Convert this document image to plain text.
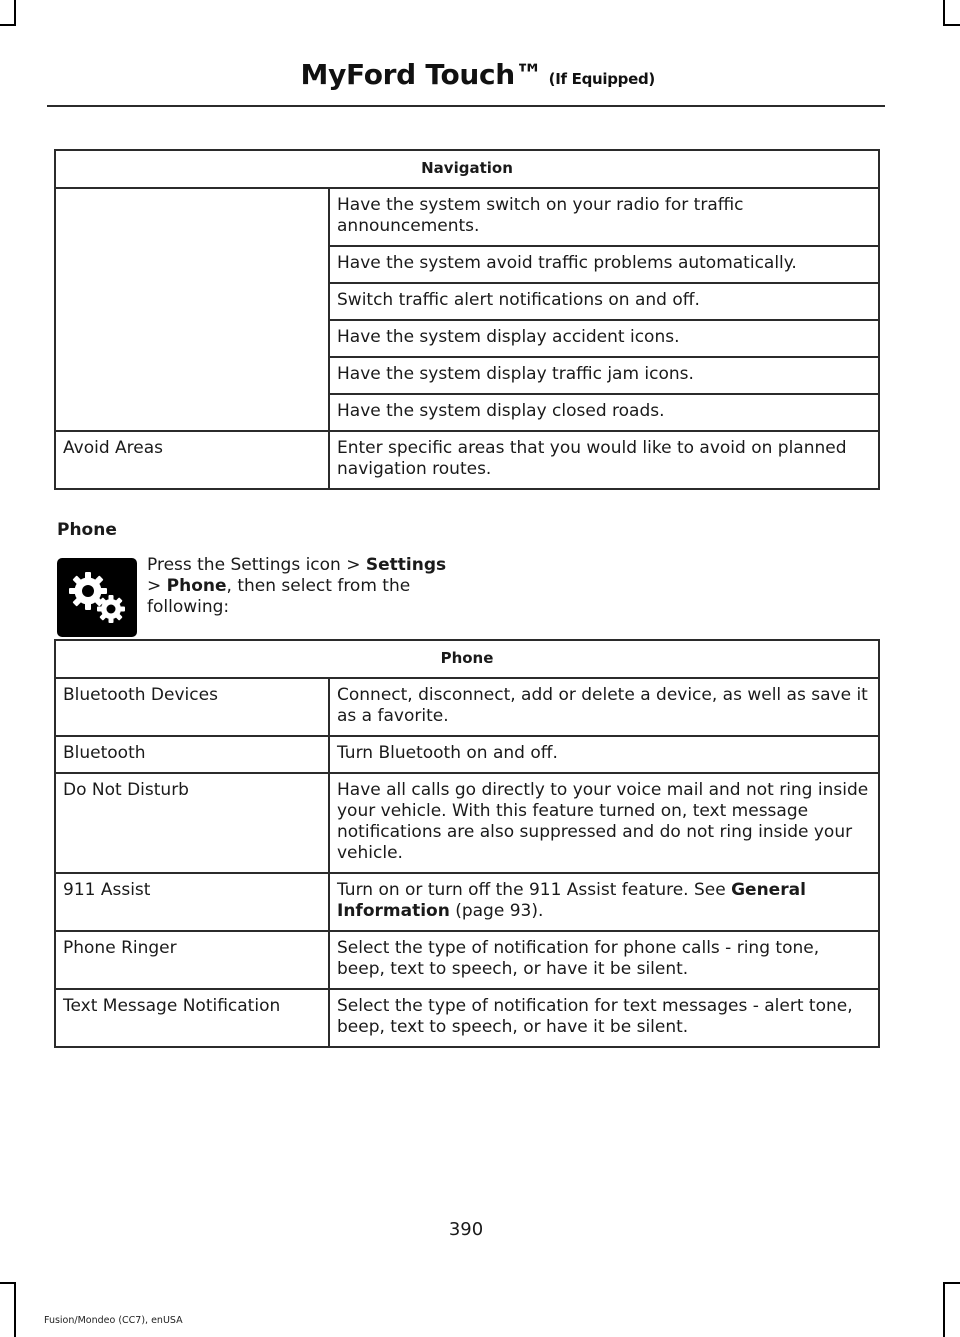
MyFord Touch™ (If Equipped)
Navigation	
	Have the system switch on your radio for traffic announcements.
	Have the system avoid traffic problems automatically.
	Switch traffic alert notifications on and off.
	Have the system display accident icons.
	Have the system display traffic jam icons.
	Have the system display closed roads.
Avoid Areas	Enter specific areas that you would like to avoid on planned navigation routes.
Phone
Press the Settings icon > Settings > Phone, then select from the following:
Phone	
Bluetooth Devices	Connect, disconnect, add or delete a device, as well as save it as a favorite.
Bluetooth	Turn Bluetooth on and off.
Do Not Disturb	Have all calls go directly to your voice mail and not ring inside your vehicle. With this feature turned on, text message notifications are also suppressed and do not ring inside your vehicle.
911 Assist	Turn on or turn off the 911 Assist feature. See General Information (page 93).
Phone Ringer	Select the type of notification for phone calls - ring tone, beep, text to speech, or have it be silent.
Text Message Notification	Select the type of notification for text messages - alert tone, beep, text to speech, or have it be silent.
390
Fusion/Mondeo (CC7), enUSA
